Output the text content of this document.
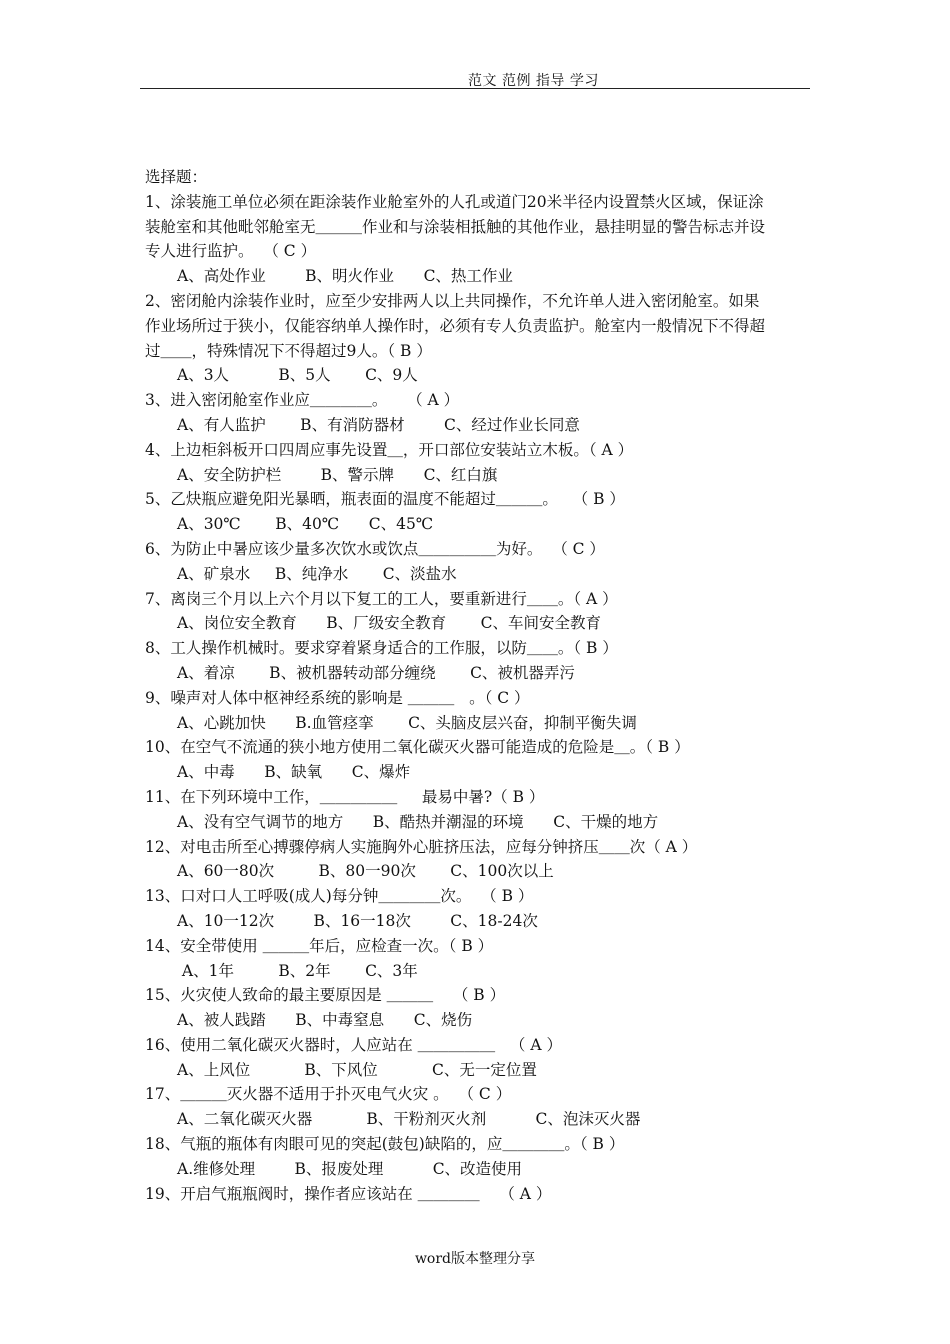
范文 范例 指导 学习
选择题：
1、涂装施工单位必须在距涂装作业舱室外的人孔或道门20米半径内设置禁火区域，保证涂
装舱室和其他毗邻舱室无＿＿＿作业和与涂装相抵触的其他作业，悬挂明显的警告标志并设
专人进行监护。  （ C ）
A、高处作业        B、明火作业      C、热工作业
2、密闭舱内涂装作业时，应至少安排两人以上共同操作，不允许单人进入密闭舱室。如果
作业场所过于狭小，仅能容纳单人操作时，必须有专人负责监护。舱室内一般情况下不得超
过＿＿，特殊情况下不得超过9人。（ B ）
A、3人          B、5人       C、9人
3、进入密闭舱室作业应＿＿＿＿。    （ A ）
A、有人监护       B、有消防器材        C、经过作业长同意
4、上边柜斜板开口四周应事先设置＿，开口部位安装站立木板。（ A ）
A、安全防护栏        B、警示牌      C、红白旗
5、乙炔瓶应避免阳光暴晒，瓶表面的温度不能超过＿＿＿。   （ B ）
A、30℃       B、40℃      C、45℃
6、为防止中暑应该少量多次饮水或饮点＿＿＿＿＿为好。  （ C ）
A、矿泉水     B、纯净水       C、淡盐水
7、离岗三个月以上六个月以下复工的工人，要重新进行＿＿。（ A ）
A、岗位安全教育      B、厂级安全教育       C、车间安全教育
8、工人操作机械时。要求穿着紧身适合的工作服，以防＿＿。（ B ）
A、着凉       B、被机器转动部分缠绕       C、被机器弄污
9、噪声对人体中枢神经系统的影响是 ＿＿＿   。（ C ）
A、心跳加快      B.血管痉挛       C、头脑皮层兴奋，抑制平衡失调
10、在空气不流通的狭小地方使用二氧化碳灭火器可能造成的危险是＿。（ B ）
A、中毒      B、缺氧      C、爆炸
11、在下列环境中工作，＿＿＿＿＿     最易中暑?（ B ）
A、没有空气调节的地方      B、酷热并潮湿的环境      C、干燥的地方
12、对电击所至心搏骤停病人实施胸外心脏挤压法，应每分钟挤压＿＿次（ A ）
A、60一80次         B、80一90次       C、100次以上
13、口对口人工呼吸(成人)每分钟＿＿＿＿次。  （ B ）
A、10一12次        B、16一18次        C、18-24次
14、安全带使用 ＿＿＿年后，应检查一次。（ B ）
A、1年         B、2年       C、3年
15、火灾使人致命的最主要原因是 ＿＿＿    （ B ）
A、被人践踏      B、中毒窒息      C、烧伤
16、使用二氧化碳灭火器时，人应站在 ＿＿＿＿＿   （ A ）
A、上风位           B、下风位           C、无一定位置
17、＿＿＿灭火器不适用于扑灭电气火灾 。  （ C ）
A、二氧化碳灭火器           B、干粉剂灭火剂          C、泡沫灭火器
18、气瓶的瓶体有肉眼可见的突起(鼓包)缺陷的，应＿＿＿＿。（ B ）
A.维修处理        B、报废处理          C、改造使用
19、开启气瓶瓶阀时，操作者应该站在 ＿＿＿＿    （ A ）
word版本整理分享
